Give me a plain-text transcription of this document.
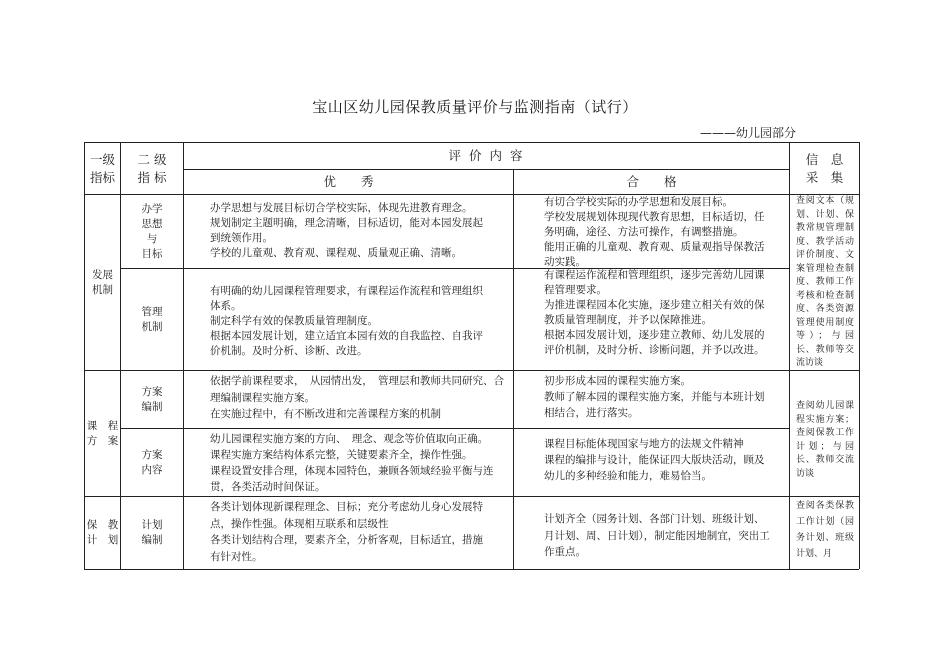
宝山区幼儿园保教质量评价与监测指南（试行）
———幼儿园部分
一级
指标
二 级
指 标
评 价 内 容
优　　秀	合　　格
信　息
采　集
发展
机制
查阅文本（规划、计划、保教常规管理制度、教学活动评价制度、文案管理检查制度、教师工作考核和检查制度、各类资源管理使用制度等）；与园长、教师等交流访谈
办学
思想
与
目标
办学思想与发展目标切合学校实际，体现先进教育理念。
规划制定主题明确，理念清晰，目标适切，能对本园发展起到统领作用。
学校的儿童观、教育观、课程观、质量观正确、清晰。
有切合学校实际的办学思想和发展目标。
学校发展规划体现现代教育思想，目标适切，任务明确，途径、方法可操作，有调整措施。
能用正确的儿童观、教育观、质量观指导保教活动实践。
管理
机制
有明确的幼儿园课程管理要求，有课程运作流程和管理组织体系。
制定科学有效的保教质量管理制度。
根据本园发展计划，建立适宜本园有效的自我监控、自我评价机制。及时分析、诊断、改进。
有课程运作流程和管理组织，逐步完善幼儿园课程管理要求。
为推进课程园本化实施，逐步建立相关有效的保教质量管理制度，并予以保障推进。
根据本园发展计划，逐步建立教师、幼儿发展的评价机制，及时分析、诊断问题，并予以改进。
课　程
方　案
查阅幼儿园课程实施方案；查阅保教工作计划；与园长、教师交流访谈
方案
编制
依据学前课程要求，　从园情出发，　管理层和教师共同研究、合理编制课程实施方案。
在实施过程中，有不断改进和完善课程方案的机制
初步形成本园的课程实施方案。
教师了解本园的课程实施方案，并能与本班计划相结合，进行落实。
方案
内容
幼儿园课程实施方案的方向、　理念、观念等价值取向正确。
课程实施方案结构体系完整，关键要素齐全，操作性强。
课程设置安排合理，体现本园特色，兼顾各领域经验平衡与连贯，各类活动时间保证。
课程目标能体现国家与地方的法规文件精神
课程的编排与设计，能保证四大版块活动，顾及幼儿的多种经验和能力，难易恰当。
保　教
计　划
查阅各类保教工作计划（园务计划、班级计划、月
计划
编制
各类计划体现新课程理念、目标；充分考虑幼儿身心发展特点，操作性强。体现相互联系和层级性
各类计划结构合理，要素齐全，分析客观，目标适宜，措施有针对性。
计划齐全（园务计划、各部门计划、班级计划、月计划、周、日计划），制定能因地制宜，突出工作重点。
